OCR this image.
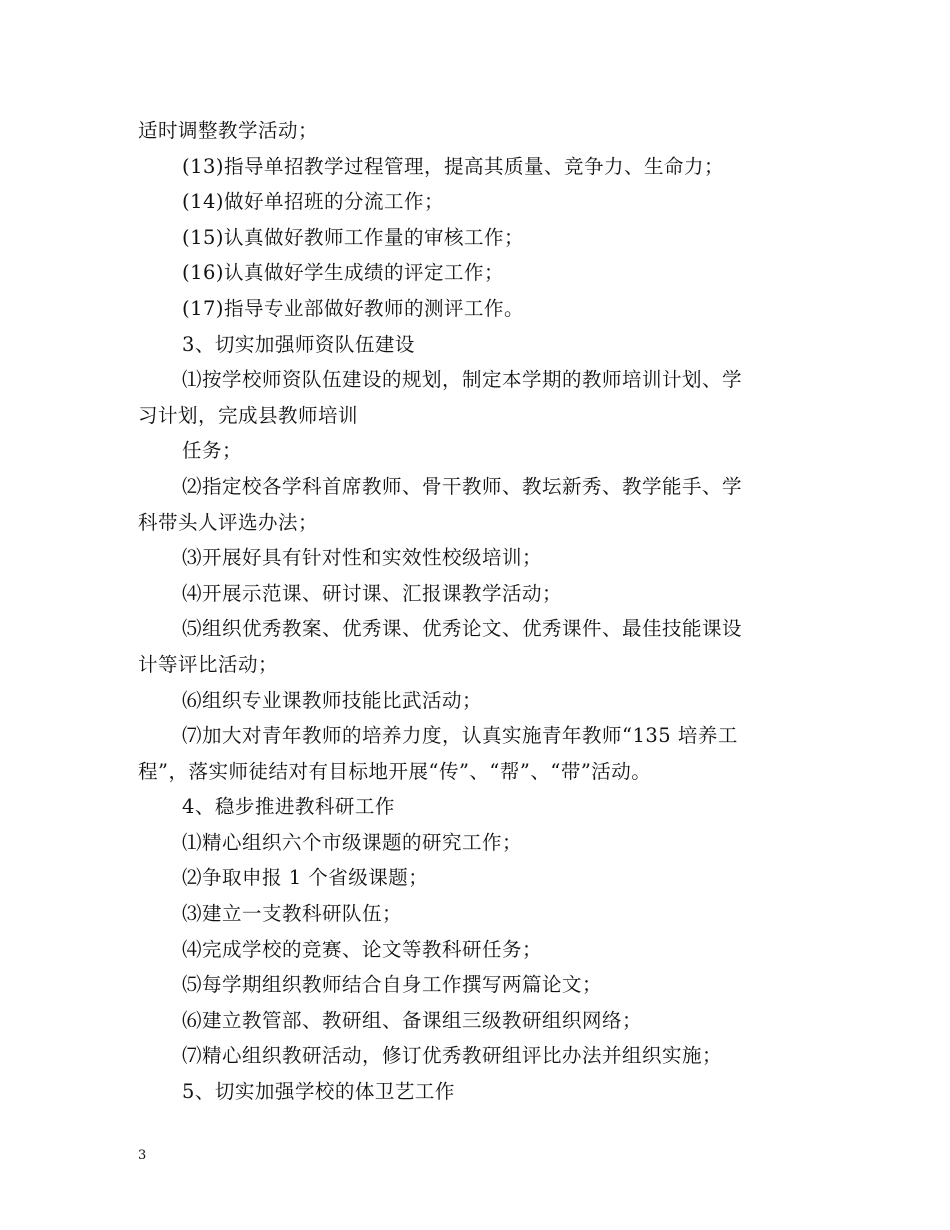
适时调整教学活动；
(13)指导单招教学过程管理，提高其质量、竞争力、生命力；
(14)做好单招班的分流工作；
(15)认真做好教师工作量的审核工作；
(16)认真做好学生成绩的评定工作；
(17)指导专业部做好教师的测评工作。
3、切实加强师资队伍建设
⑴按学校师资队伍建设的规划，制定本学期的教师培训计划、学
习计划，完成县教师培训
任务；
⑵指定校各学科首席教师、骨干教师、教坛新秀、教学能手、学
科带头人评选办法；
⑶开展好具有针对性和实效性校级培训；
⑷开展示范课、研讨课、汇报课教学活动；
⑸组织优秀教案、优秀课、优秀论文、优秀课件、最佳技能课设
计等评比活动；
⑹组织专业课教师技能比武活动；
⑺加大对青年教师的培养力度，认真实施青年教师“135 培养工
程”，落实师徒结对有目标地开展“传”、“帮”、“带”活动。
4、稳步推进教科研工作
⑴精心组织六个市级课题的研究工作；
⑵争取申报 1 个省级课题；
⑶建立一支教科研队伍；
⑷完成学校的竞赛、论文等教科研任务；
⑸每学期组织教师结合自身工作撰写两篇论文；
⑹建立教管部、教研组、备课组三级教研组织网络；
⑺精心组织教研活动，修订优秀教研组评比办法并组织实施；
5、切实加强学校的体卫艺工作
3
